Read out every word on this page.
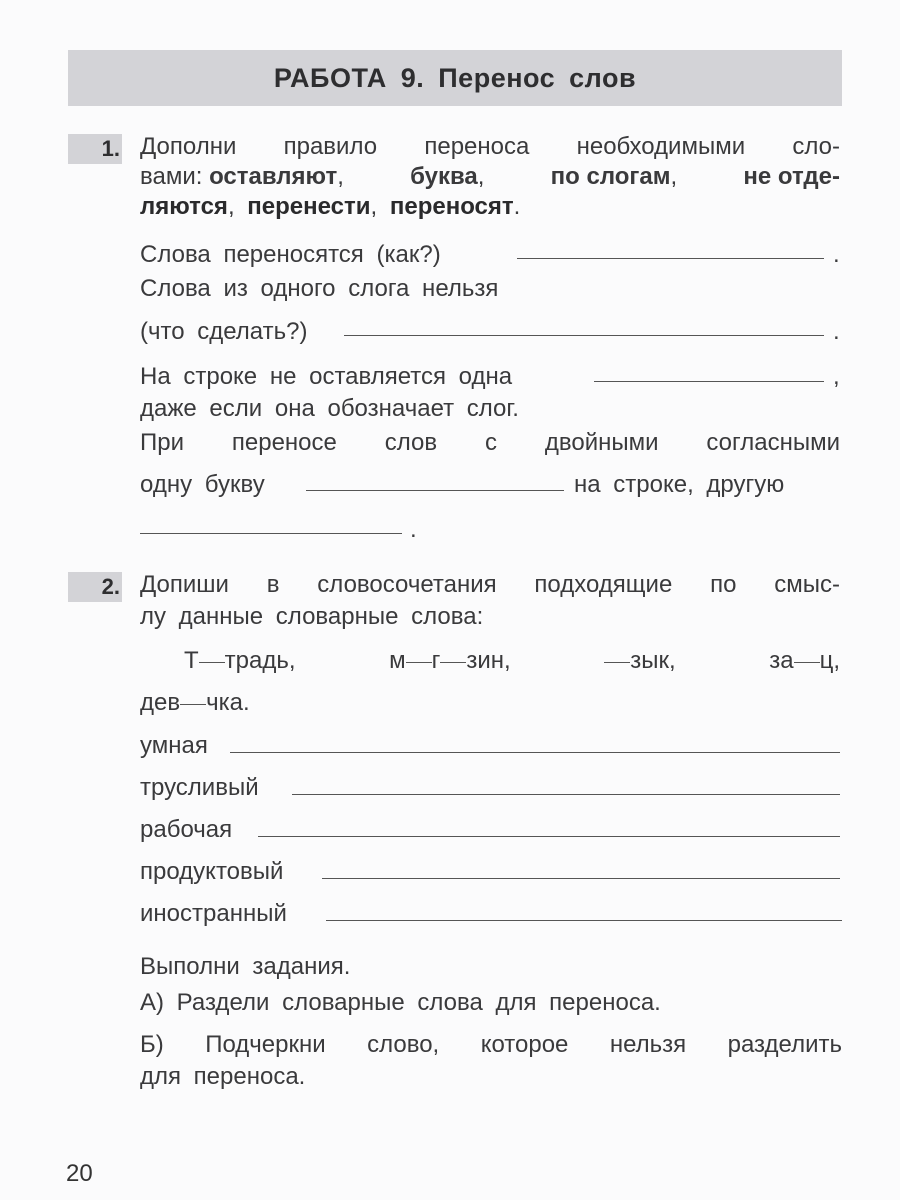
РАБОТА 9. Перенос слов
1. Дополни правило переноса необходимыми сло-
вами: оставляют,	буква,	по слогам,	не отде-
ляются, перенести, переносят.
Слова переносятся (как?)	.
Слова из одного слога нельзя
(что сделать?)	.
На строке не оставляется одна	,
даже если она обозначает слог.
При переносе слов с двойными согласными
одну букву	на строке, другую
.
2. Допиши в словосочетания подходящие по смыс-
лу данные словарные слова:
Т традь,	м г зин,	зык,	за ц,
дев чка.
умная
трусливый
рабочая
продуктовый
иностранный
Выполни задания.
А) Раздели словарные слова для переноса.
Б) Подчеркни слово, которое нельзя разделить
для переноса.
20
